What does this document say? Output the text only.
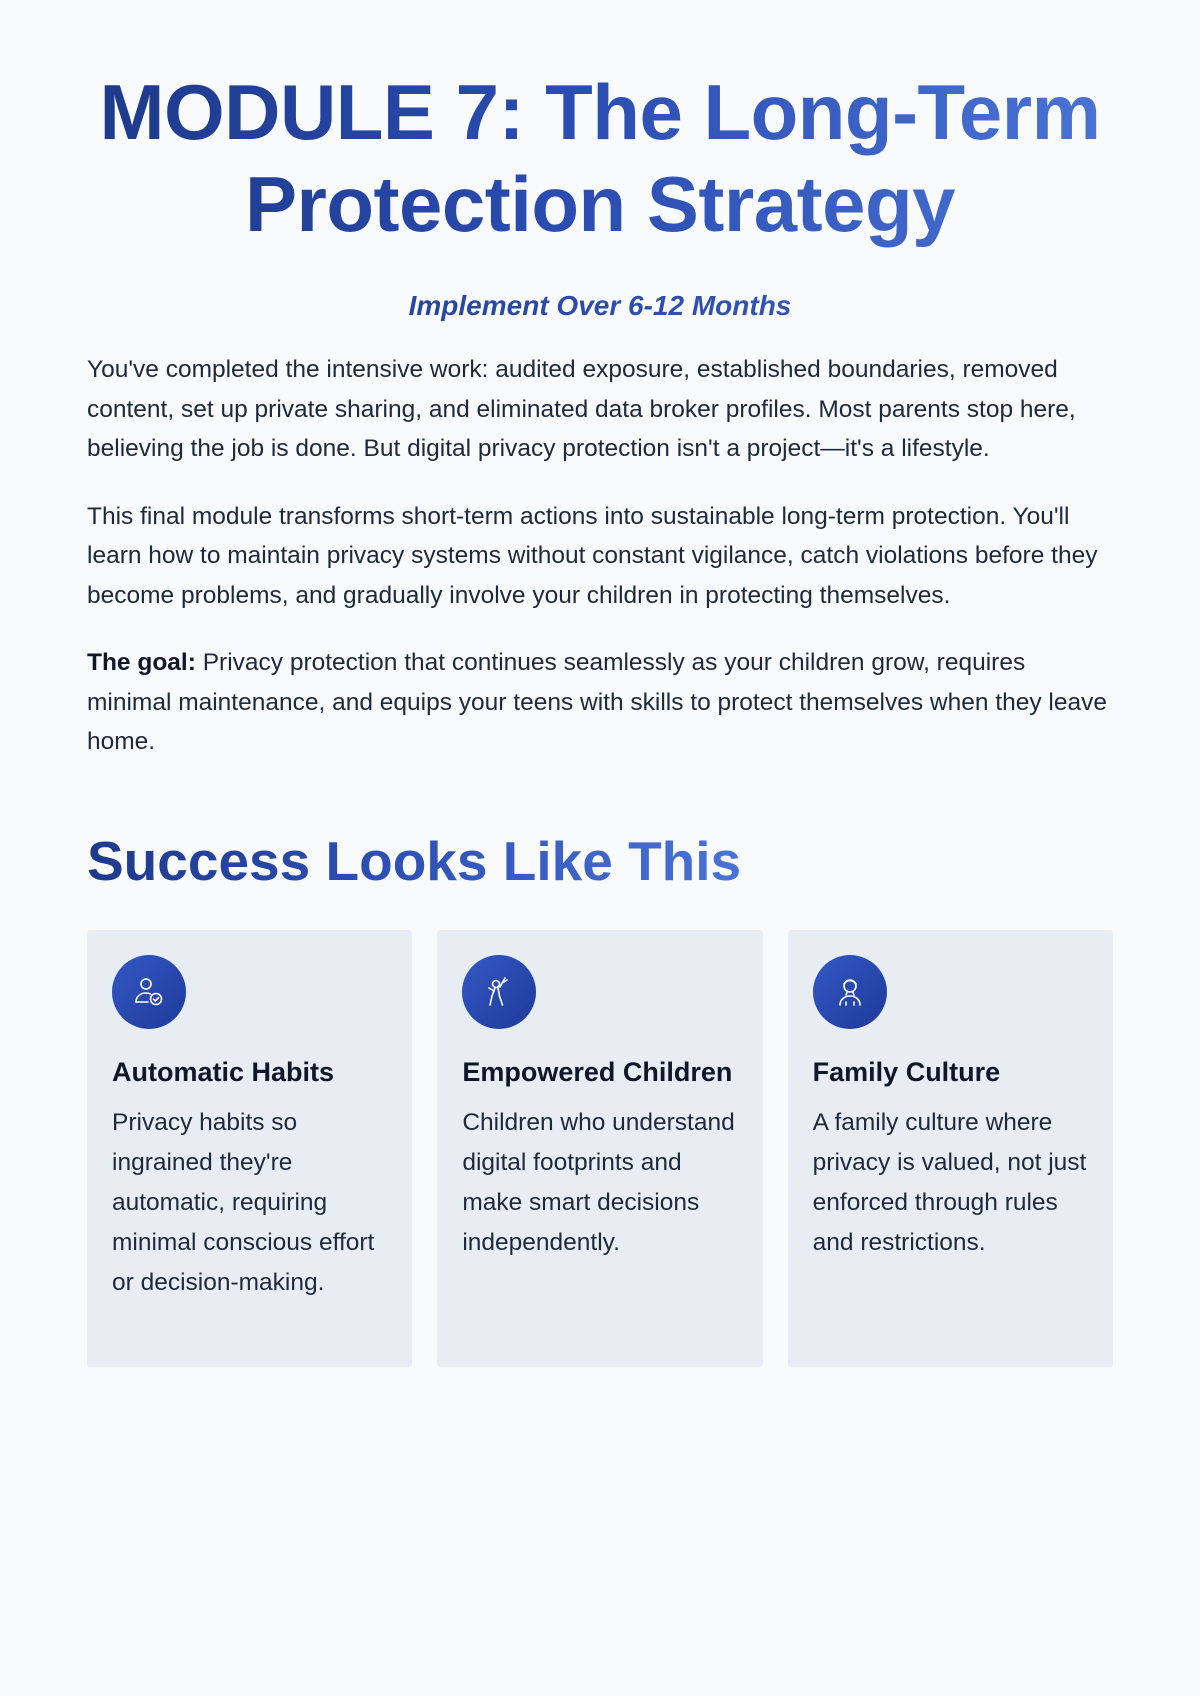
MODULE 7: The Long-Term Protection Strategy
Implement Over 6-12 Months

You've completed the intensive work: audited exposure, established boundaries, removed content, set up private sharing, and eliminated data broker profiles. Most parents stop here, believing the job is done. But digital privacy protection isn't a project—it's a lifestyle.

This final module transforms short-term actions into sustainable long-term protection. You'll learn how to maintain privacy systems without constant vigilance, catch violations before they become problems, and gradually involve your children in protecting themselves.

The goal: Privacy protection that continues seamlessly as your children grow, requires minimal maintenance, and equips your teens with skills to protect themselves when they leave home.

Success Looks Like This
Automatic Habits

Privacy habits so ingrained they're automatic, requiring minimal conscious effort or decision-making.

Empowered Children

Children who understand digital footprints and make smart decisions independently.

Family Culture

A family culture where privacy is valued, not just enforced through rules and restrictions.
